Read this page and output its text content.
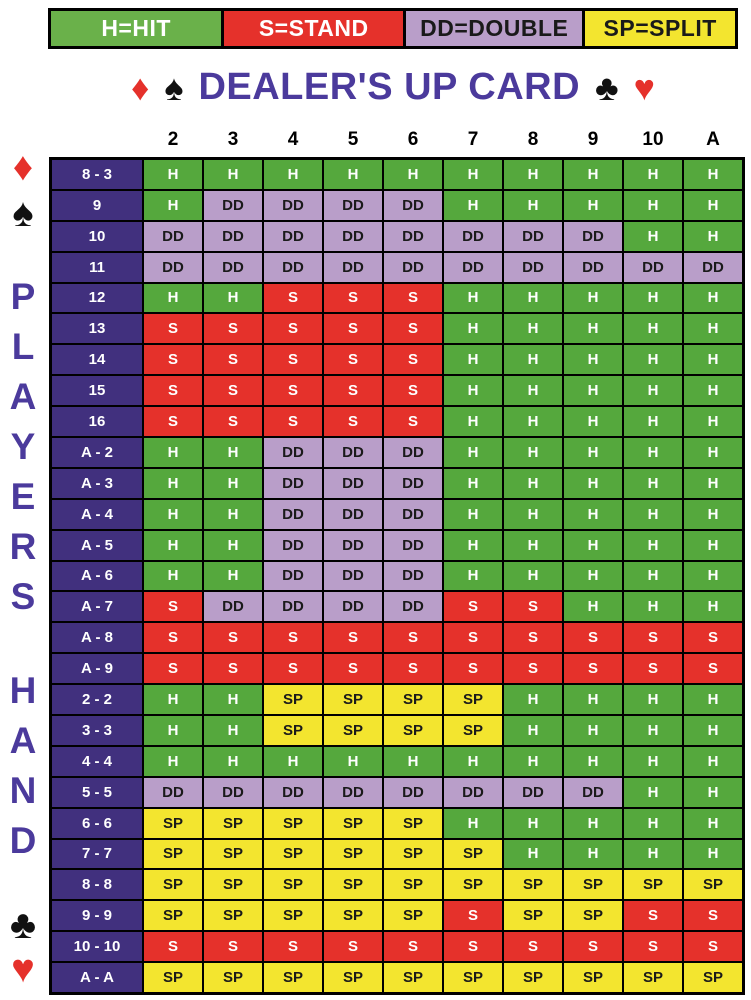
H=HIT	S=STAND	DD=DOUBLE	SP=SPLIT
♦ ♠ DEALER'S UP CARD ♣ ♥
♦
♠
P
L
A
Y
E
R
S
H
A
N
D
♣
♥
2	3	4	5	6	7	8	9	10	A
8 - 3	H	H	H	H	H	H	H	H	H	H
9	H	DD	DD	DD	DD	H	H	H	H	H
10	DD	DD	DD	DD	DD	DD	DD	DD	H	H
11	DD	DD	DD	DD	DD	DD	DD	DD	DD	DD
12	H	H	S	S	S	H	H	H	H	H
13	S	S	S	S	S	H	H	H	H	H
14	S	S	S	S	S	H	H	H	H	H
15	S	S	S	S	S	H	H	H	H	H
16	S	S	S	S	S	H	H	H	H	H
A - 2	H	H	DD	DD	DD	H	H	H	H	H
A - 3	H	H	DD	DD	DD	H	H	H	H	H
A - 4	H	H	DD	DD	DD	H	H	H	H	H
A - 5	H	H	DD	DD	DD	H	H	H	H	H
A - 6	H	H	DD	DD	DD	H	H	H	H	H
A - 7	S	DD	DD	DD	DD	S	S	H	H	H
A - 8	S	S	S	S	S	S	S	S	S	S
A - 9	S	S	S	S	S	S	S	S	S	S
2 - 2	H	H	SP	SP	SP	SP	H	H	H	H
3 - 3	H	H	SP	SP	SP	SP	H	H	H	H
4 - 4	H	H	H	H	H	H	H	H	H	H
5 - 5	DD	DD	DD	DD	DD	DD	DD	DD	H	H
6 - 6	SP	SP	SP	SP	SP	H	H	H	H	H
7 - 7	SP	SP	SP	SP	SP	SP	H	H	H	H
8 - 8	SP	SP	SP	SP	SP	SP	SP	SP	SP	SP
9 - 9	SP	SP	SP	SP	SP	S	SP	SP	S	S
10 - 10	S	S	S	S	S	S	S	S	S	S
A - A	SP	SP	SP	SP	SP	SP	SP	SP	SP	SP
